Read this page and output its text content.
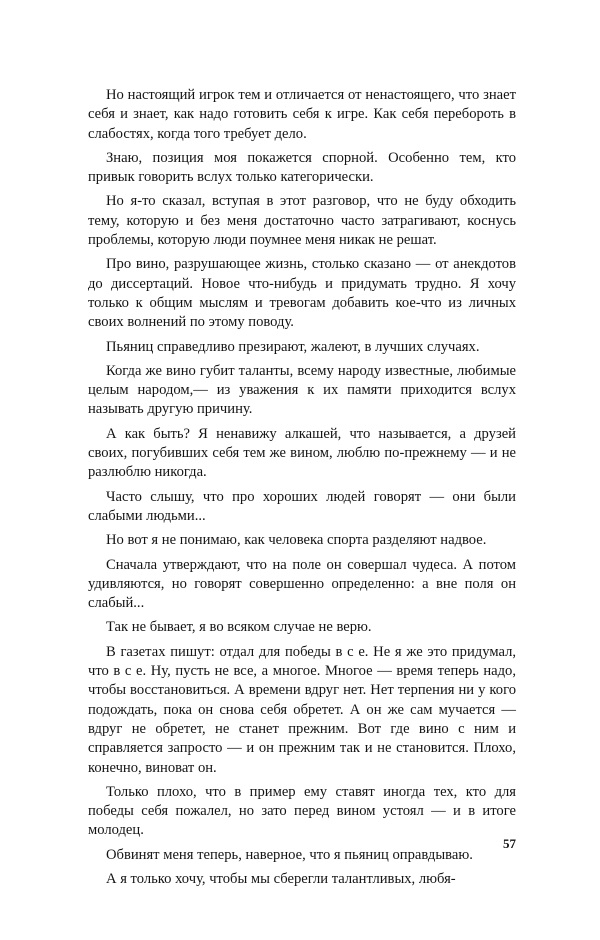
Но настоящий игрок тем и отличается от ненастоящего, что знает себя и знает, как надо готовить себя к игре. Как себя перебороть в слабостях, когда того требует дело.

Знаю, позиция моя покажется спорной. Особенно тем, кто привык говорить вслух только категорически.

Но я-то сказал, вступая в этот разговор, что не буду обходить тему, которую и без меня достаточно часто затрагивают, коснусь проблемы, которую люди поумнее меня никак не решат.

Про вино, разрушающее жизнь, столько сказано — от анекдотов до диссертаций. Новое что-нибудь и придумать трудно. Я хочу только к общим мыслям и тревогам добавить кое-что из личных своих волнений по этому поводу.

Пьяниц справедливо презирают, жалеют, в лучших случаях.

Когда же вино губит таланты, всему народу известные, любимые целым народом,— из уважения к их памяти приходится вслух называть другую причину.

А как быть? Я ненавижу алкашей, что называется, а друзей своих, погубивших себя тем же вином, люблю по-прежнему — и не разлюблю никогда.

Часто слышу, что про хороших людей говорят — они были слабыми людьми...

Но вот я не понимаю, как человека спорта разделяют надвое.

Сначала утверждают, что на поле он совершал чудеса. А потом удивляются, но говорят совершенно определенно: а вне поля он слабый...

Так не бывает, я во всяком случае не верю.

В газетах пишут: отдал для победы в с е. Не я же это придумал, что в с е. Ну, пусть не все, а многое. Многое — время теперь надо, чтобы восстановиться. А времени вдруг нет. Нет терпения ни у кого подождать, пока он снова себя обретет. А он же сам мучается — вдруг не обретет, не станет прежним. Вот где вино с ним и справляется запросто — и он прежним так и не становится. Плохо, конечно, виноват он.

Только плохо, что в пример ему ставят иногда тех, кто для победы себя пожалел, но зато перед вином устоял — и в итоге молодец.

Обвинят меня теперь, наверное, что я пьяниц оправдываю.

А я только хочу, чтобы мы сберегли талантливых, любя-

57
